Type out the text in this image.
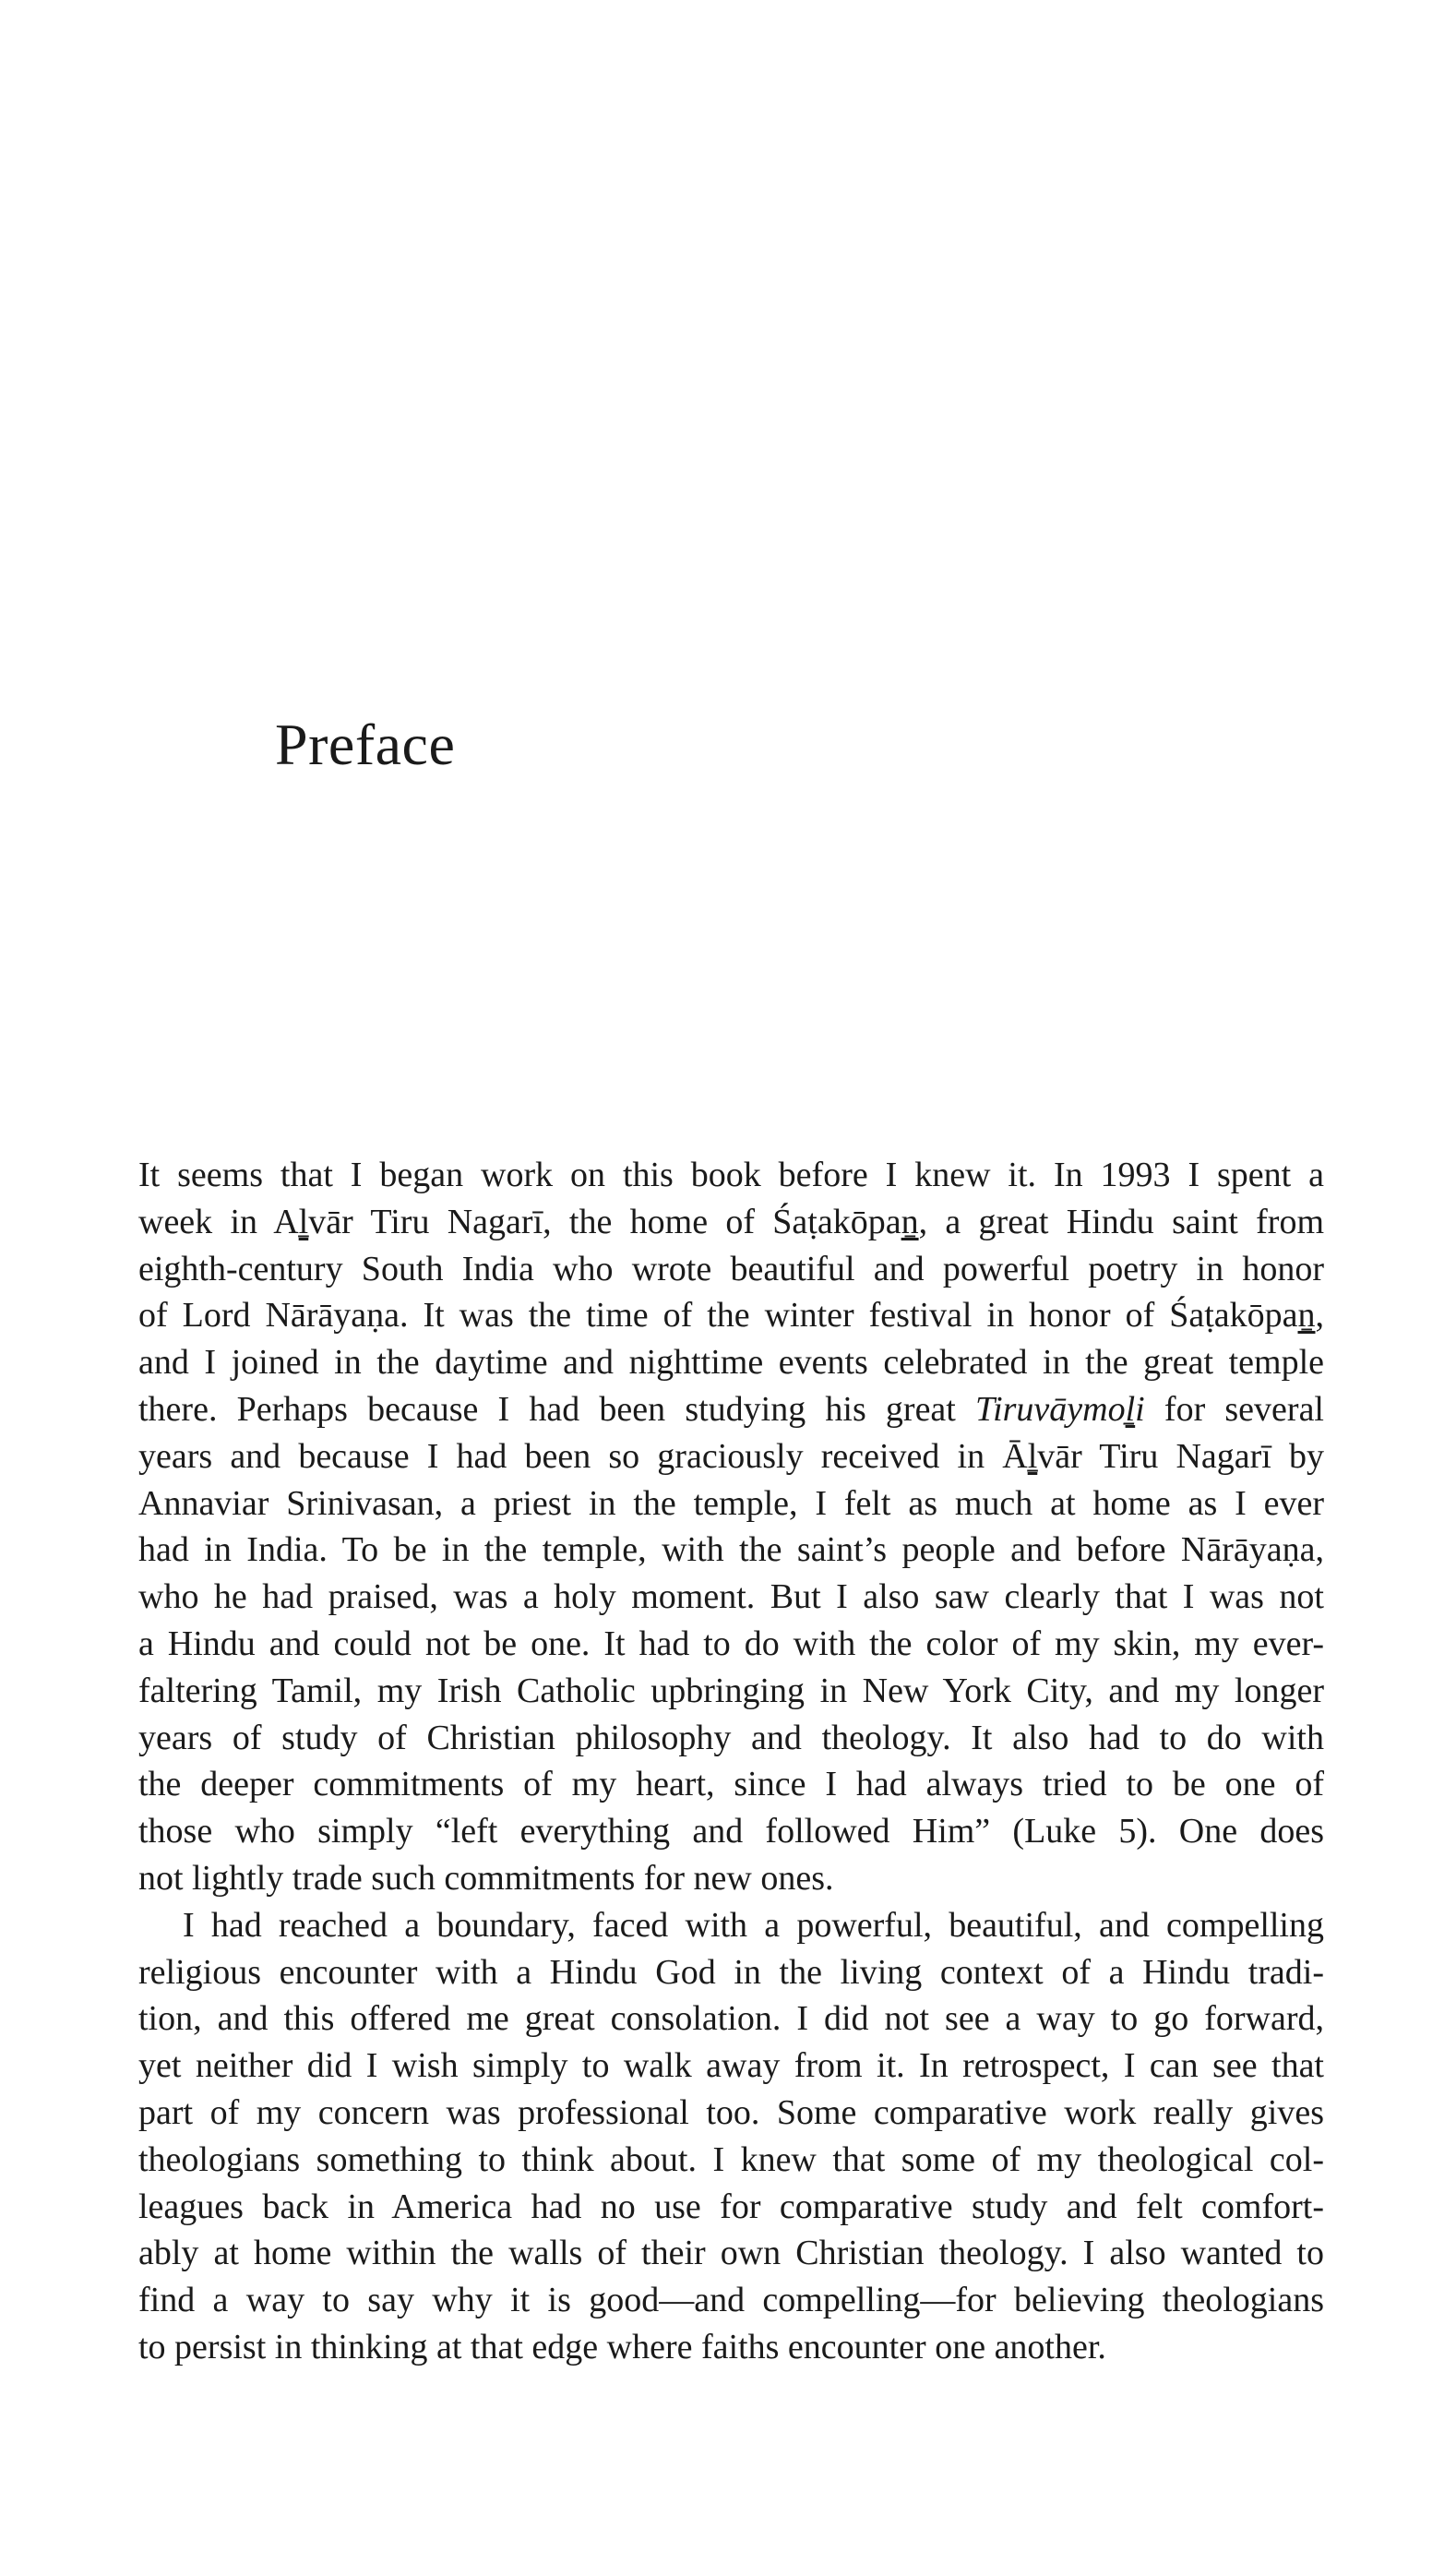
Preface
It seems that I began work on this book before I knew it. In 1993 I spent a
week in Aḻvār Tiru Nagarī, the home of Śaṭakōpaṉ, a great Hindu saint from
eighth-century South India who wrote beautiful and powerful poetry in honor
of Lord Nārāyaṇa. It was the time of the winter festival in honor of Śaṭakōpaṉ,
and I joined in the daytime and nighttime events celebrated in the great temple
there. Perhaps because I had been studying his great Tiruvāymoḻi for several
years and because I had been so graciously received in Āḻvār Tiru Nagarī by
Annaviar Srinivasan, a priest in the temple, I felt as much at home as I ever
had in India. To be in the temple, with the saint’s people and before Nārāyaṇa,
who he had praised, was a holy moment. But I also saw clearly that I was not
a Hindu and could not be one. It had to do with the color of my skin, my ever-
faltering Tamil, my Irish Catholic upbringing in New York City, and my longer
years of study of Christian philosophy and theology. It also had to do with
the deeper commitments of my heart, since I had always tried to be one of
those who simply “left everything and followed Him” (Luke 5). One does
not lightly trade such commitments for new ones.
I had reached a boundary, faced with a powerful, beautiful, and compelling
religious encounter with a Hindu God in the living context of a Hindu tradi-
tion, and this offered me great consolation. I did not see a way to go forward,
yet neither did I wish simply to walk away from it. In retrospect, I can see that
part of my concern was professional too. Some comparative work really gives
theologians something to think about. I knew that some of my theological col-
leagues back in America had no use for comparative study and felt comfort-
ably at home within the walls of their own Christian theology. I also wanted to
find a way to say why it is good—and compelling—for believing theologians
to persist in thinking at that edge where faiths encounter one another.
